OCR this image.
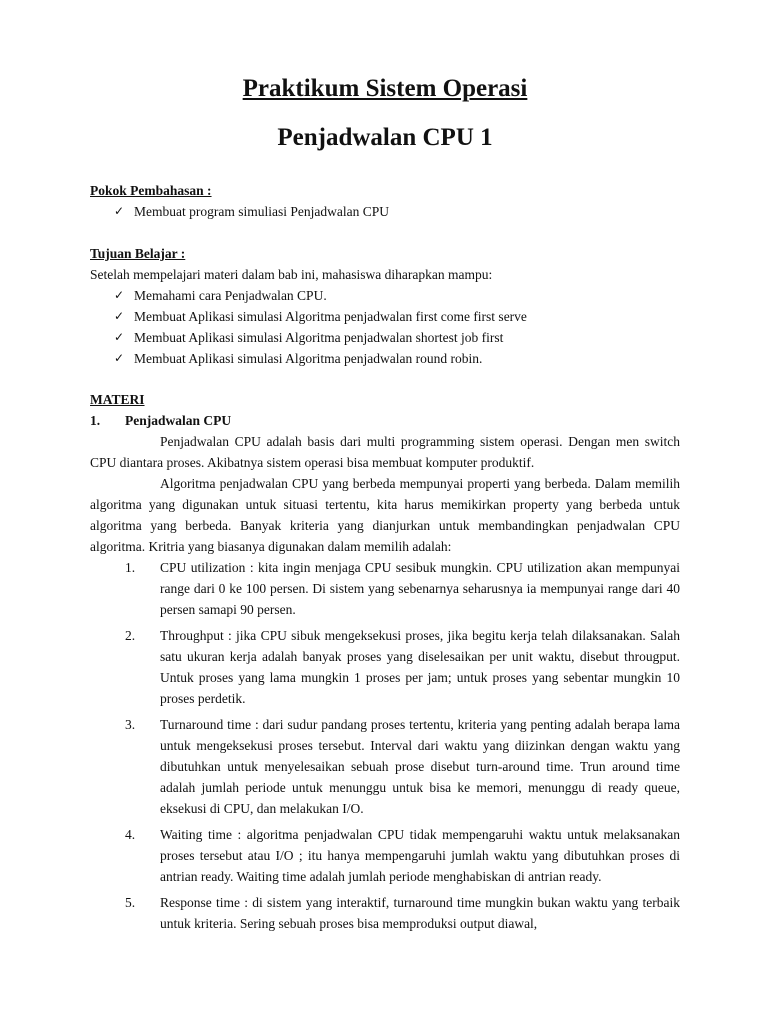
Praktikum Sistem Operasi
Penjadwalan CPU 1

Pokok Pembahasan :

✓ Membuat program simuliasi Penjadwalan CPU

Tujuan Belajar :

Setelah mempelajari materi dalam bab ini, mahasiswa diharapkan mampu:

✓ Memahami cara Penjadwalan CPU.
✓ Membuat Aplikasi simulasi Algoritma penjadwalan first come first serve
✓ Membuat Aplikasi simulasi Algoritma penjadwalan shortest job first
✓ Membuat Aplikasi simulasi Algoritma penjadwalan round robin.

MATERI

1.	Penjadwalan CPU

Penjadwalan CPU adalah basis dari multi programming sistem operasi. Dengan men switch CPU diantara proses. Akibatnya sistem operasi bisa membuat komputer produktif.

Algoritma penjadwalan CPU yang berbeda mempunyai properti yang berbeda. Dalam memilih algoritma yang digunakan untuk situasi tertentu, kita harus memikirkan property yang berbeda untuk algoritma yang berbeda. Banyak kriteria yang dianjurkan untuk membandingkan penjadwalan CPU algoritma. Kritria yang biasanya digunakan dalam memilih adalah:

1.	CPU utilization : kita ingin menjaga CPU sesibuk mungkin. CPU utilization akan mempunyai range dari 0 ke 100 persen. Di sistem yang sebenarnya seharusnya ia mempunyai range dari 40 persen samapi 90 persen.
2.	Throughput : jika CPU sibuk mengeksekusi proses, jika begitu kerja telah dilaksanakan. Salah satu ukuran kerja adalah banyak proses yang diselesaikan per unit waktu, disebut througput. Untuk proses yang lama mungkin 1 proses per jam; untuk proses yang sebentar mungkin 10 proses perdetik.
3.	Turnaround time : dari sudur pandang proses tertentu, kriteria yang penting adalah berapa lama untuk mengeksekusi proses tersebut. Interval dari waktu yang diizinkan dengan waktu yang dibutuhkan untuk menyelesaikan sebuah prose disebut turn-around time. Trun around time adalah jumlah periode untuk menunggu untuk bisa ke memori, menunggu di ready queue, eksekusi di CPU, dan melakukan I/O.
4.	Waiting time : algoritma penjadwalan CPU tidak mempengaruhi waktu untuk melaksanakan proses tersebut atau I/O ; itu hanya mempengaruhi jumlah waktu yang dibutuhkan proses di antrian ready. Waiting time adalah jumlah periode menghabiskan di antrian ready.
5.	Response time : di sistem yang interaktif, turnaround time mungkin bukan waktu yang terbaik untuk kriteria. Sering sebuah proses bisa memproduksi output diawal,
